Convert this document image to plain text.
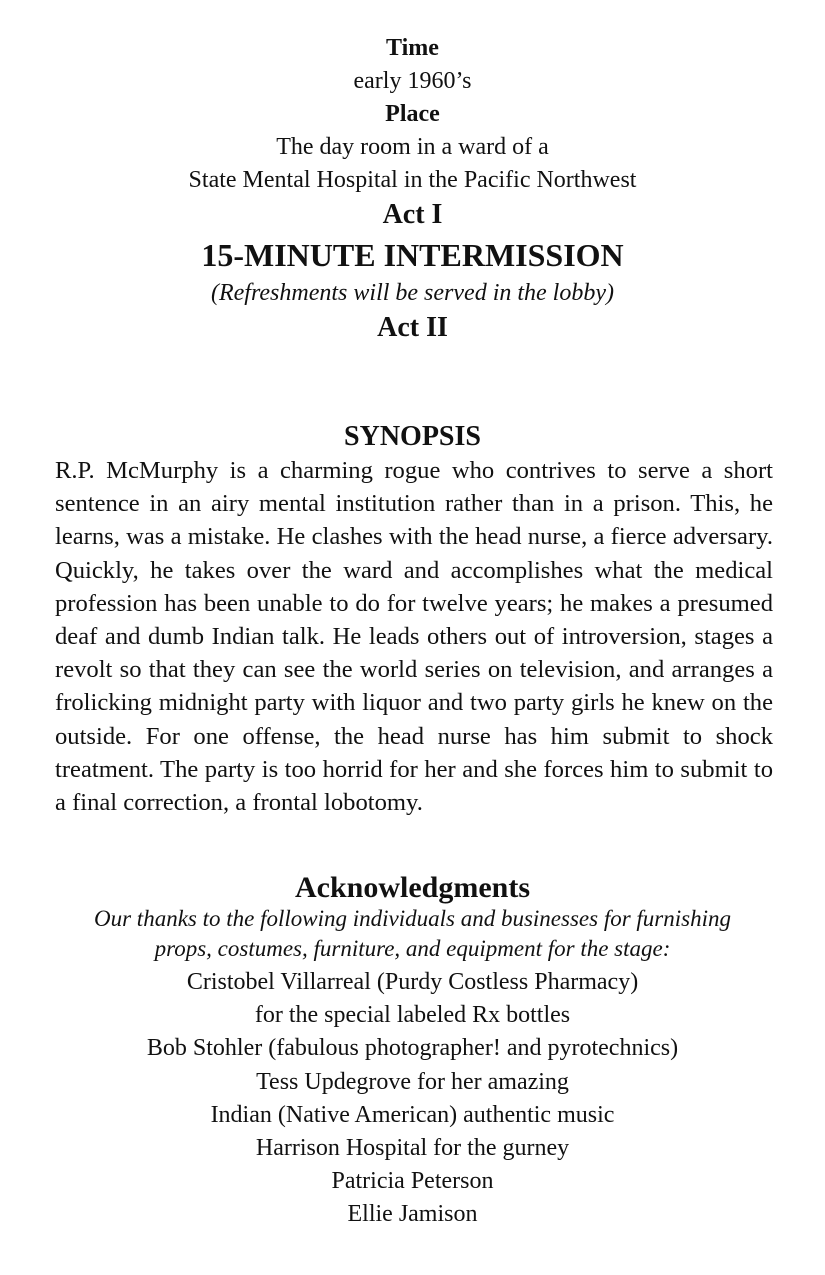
Time

early 1960’s

Place

The day room in a ward of a

State Mental Hospital in the Pacific Northwest

Act I

15-MINUTE INTERMISSION

(Refreshments will be served in the lobby)

Act II

SYNOPSIS

R.P. McMurphy is a charming rogue who contrives to serve a short sentence in an airy mental institution rather than in a prison. This, he learns, was a mistake. He clashes with the head nurse, a fierce adversary. Quickly, he takes over the ward and accomplishes what the medical profession has been unable to do for twelve years; he makes a presumed deaf and dumb Indian talk. He leads others out of introversion, stages a revolt so that they can see the world series on television, and arranges a frolicking midnight party with liquor and two party girls he knew on the outside. For one offense, the head nurse has him submit to shock treatment. The party is too horrid for her and she forces him to submit to a final correction, a frontal lobotomy.

Acknowledgments

Our thanks to the following individuals and businesses for furnishing

props, costumes, furniture, and equipment for the stage:

Cristobel Villarreal (Purdy Costless Pharmacy)

for the special labeled Rx bottles

Bob Stohler (fabulous photographer! and pyrotechnics)

Tess Updegrove for her amazing

Indian (Native American) authentic music

Harrison Hospital for the gurney

Patricia Peterson

Ellie Jamison
